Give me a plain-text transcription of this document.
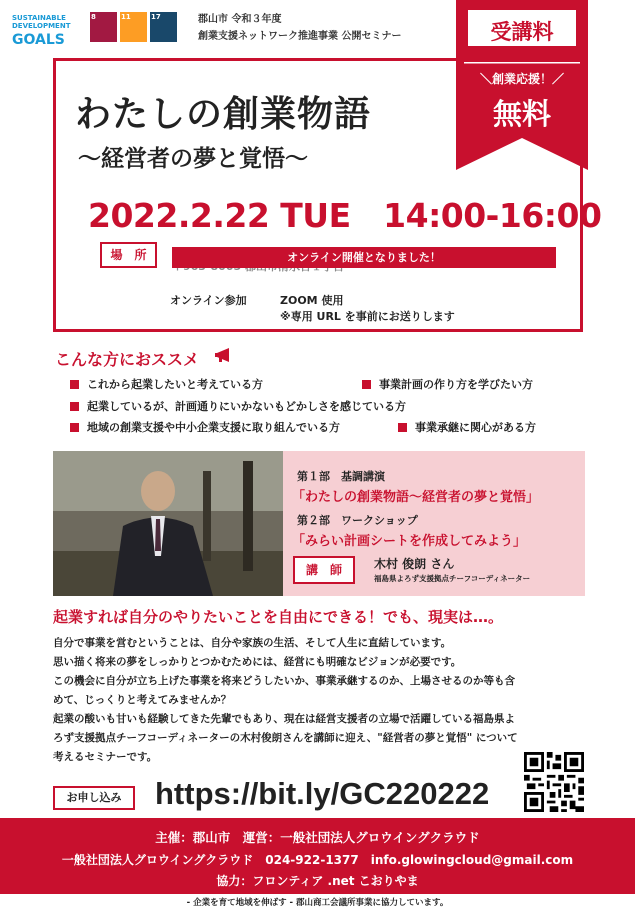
SUSTAINABLE DEVELOPMENT
GOALS
8	11	17	郡山市 令和３年度
創業支援ネットワーク推進事業 公開セミナー
わたしの創業物語
～経営者の夢と覚悟～
2022.2.22 TUE　14:00-16:00
場　所	オンライン開催となりました！
オンライン参加	ZOOM 使用
※専用 URL を事前にお送りします
受講料
＼創業応援！／
無料
こんな方におススメ
これから起業したいと考えている方	事業計画の作り方を学びたい方
起業しているが、計画通りにいかないもどかしさを感じている方
地域の創業支援や中小企業支援に取り組んでいる方	事業承継に関心がある方
第１部　基調講演
「わたしの創業物語～経営者の夢と覚悟」
第２部　ワークショップ
「みらい計画シートを作成してみよう」
講　師	木村 俊朗 さん
福島県よろず支援拠点チーフコーディネーター
起業すれば自分のやりたいことを自由にできる！でも、現実は…。
自分で事業を営むということは、自分や家族の生活、そして人生に直結しています。
思い描く将来の夢をしっかりとつかむためには、経営にも明確なビジョンが必要です。
この機会に自分が立ち上げた事業を将来どうしたいか、事業承継するのか、上場させるのか等も含
めて、じっくりと考えてみませんか？
起業の酸いも甘いも経験してきた先輩でもあり、現在は経営支援者の立場で活躍している福島県よ
ろず支援拠点チーフコーディネーターの木村俊朗さんを講師に迎え、"経営者の夢と覚悟" について
考えるセミナーです。
お申し込み	https://bit.ly/GC220222
主催：郡山市　運営：一般社団法人グロウイングクラウド
一般社団法人グロウイングクラウド　024-922-1377　info.glowingcloud@gmail.com
協力：フロンティア .net こおりやま
- 企業を育て地域を伸ばす - 郡山商工会議所事業に協力しています。
